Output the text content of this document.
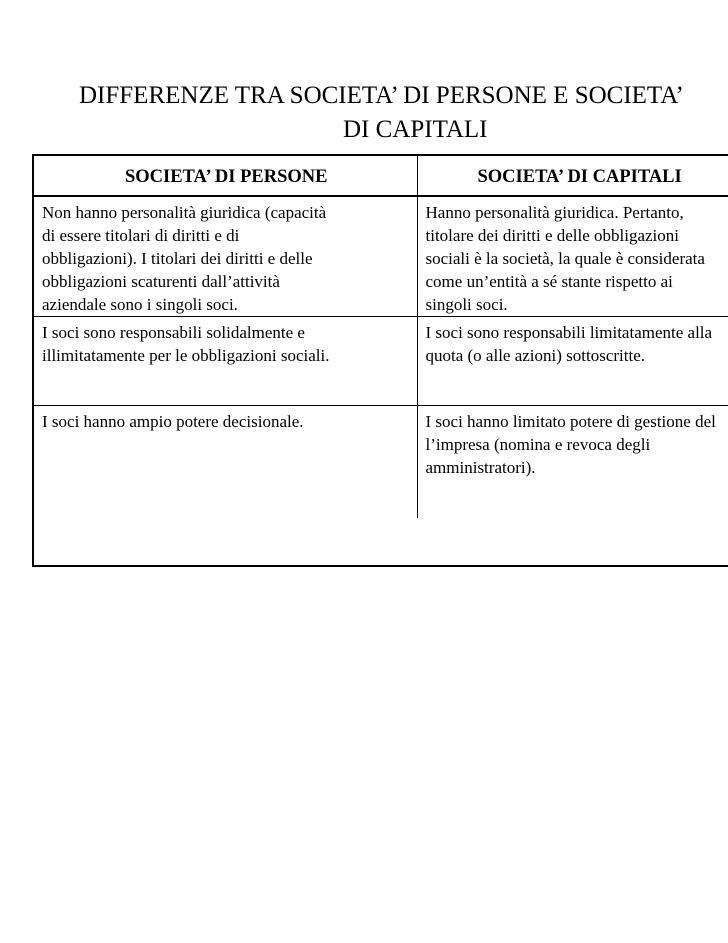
DIFFERENZE TRA SOCIETA’ DI PERSONE E SOCIETA’
DI CAPITALI
SOCIETA’ DI PERSONE	SOCIETA’ DI CAPITALI

Non hanno personalità giuridica (capacità
di essere titolari di diritti e di
obbligazioni). I titolari dei diritti e delle
obbligazioni scaturenti dall’attività
aziendale sono i singoli soci.	Hanno personalità giuridica. Pertanto,
titolare dei diritti e delle obbligazioni
sociali è la società, la quale è considerata
come un’entità a sé stante rispetto ai
singoli soci.

I soci sono responsabili solidalmente e
illimitatamente per le obbligazioni sociali.	I soci sono responsabili limitatamente alla
quota (o alle azioni) sottoscritte.

I soci hanno ampio potere decisionale.	I soci hanno limitato potere di gestione del
l’impresa (nomina e revoca degli
amministratori).
